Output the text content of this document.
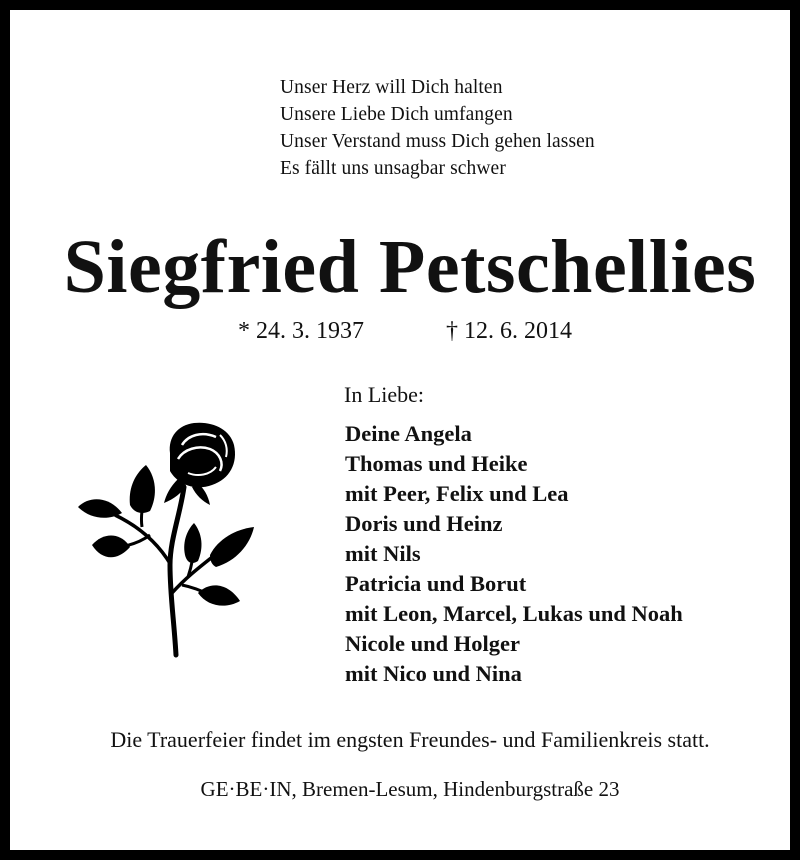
Unser Herz will Dich halten
Unsere Liebe Dich umfangen
Unser Verstand muss Dich gehen lassen
Es fällt uns unsagbar schwer
Siegfried Petschellies
* 24. 3. 1937	† 12. 6. 2014
In Liebe:
Deine Angela
Thomas und Heike
mit Peer, Felix und Lea
Doris und Heinz
mit Nils
Patricia und Borut
mit Leon, Marcel, Lukas und Noah
Nicole und Holger
mit Nico und Nina
Die Trauerfeier findet im engsten Freundes- und Familienkreis statt.
GE·BE·IN, Bremen-Lesum, Hindenburgstraße 23
